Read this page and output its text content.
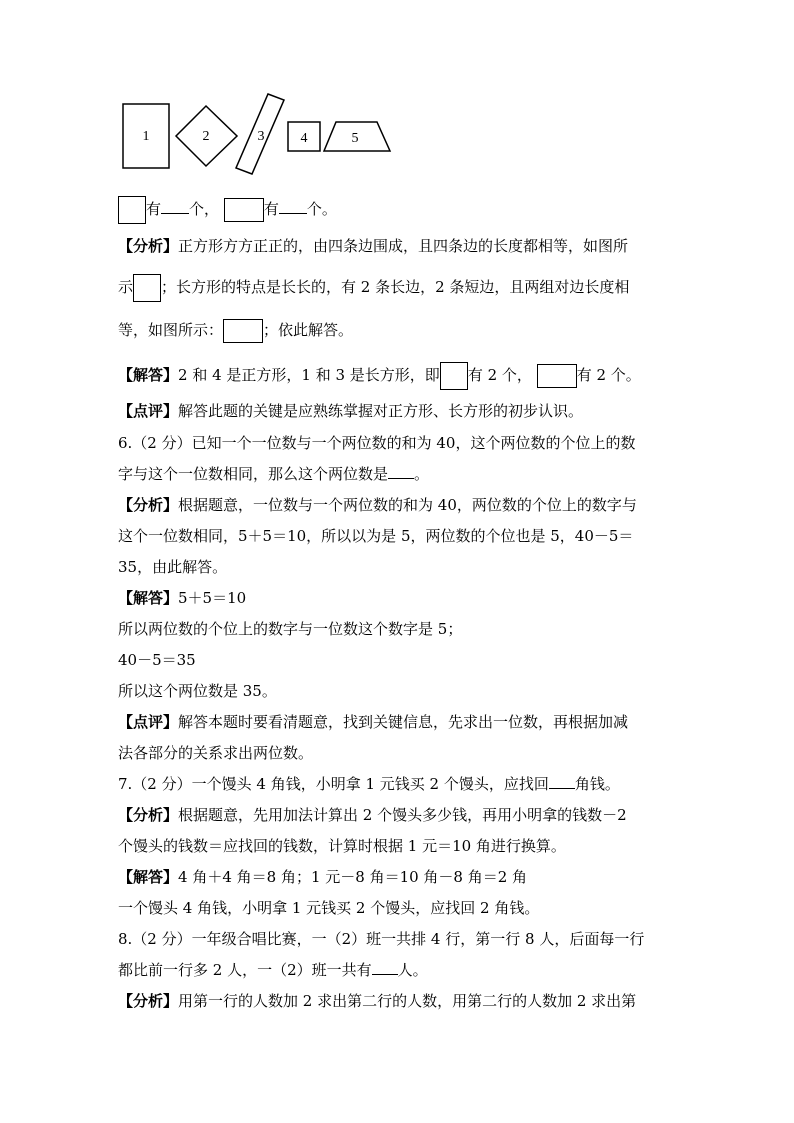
1	2	3	4	5
有 个，	有 个。
【分析】正方形方方正正的，由四条边围成，且四条边的长度都相等，如图所
示 ；长方形的特点是长长的，有 2 条长边，2 条短边，且两组对边长度相
等，如图所示：	；依此解答。
【解答】2 和 4 是正方形，1 和 3 是长方形，即 有 2 个，	有 2 个。
【点评】解答此题的关键是应熟练掌握对正方形、长方形的初步认识。
6.（2 分）已知一个一位数与一个两位数的和为 40，这个两位数的个位上的数
字与这个一位数相同，那么这个两位数是 。
【分析】根据题意，一位数与一个两位数的和为 40，两位数的个位上的数字与
这个一位数相同，5＋5＝10，所以以为是 5，两位数的个位也是 5，40－5＝
35，由此解答。
【解答】5＋5＝10
所以两位数的个位上的数字与一位数这个数字是 5；
40－5＝35
所以这个两位数是 35。
【点评】解答本题时要看清题意，找到关键信息，先求出一位数，再根据加减
法各部分的关系求出两位数。
7.（2 分）一个馒头 4 角钱，小明拿 1 元钱买 2 个馒头，应找回 角钱。
【分析】根据题意，先用加法计算出 2 个馒头多少钱，再用小明拿的钱数－2
个馒头的钱数＝应找回的钱数，计算时根据 1 元＝10 角进行换算。
【解答】4 角＋4 角＝8 角；1 元－8 角＝10 角－8 角＝2 角
一个馒头 4 角钱，小明拿 1 元钱买 2 个馒头，应找回 2 角钱。
8.（2 分）一年级合唱比赛，一（2）班一共排 4 行，第一行 8 人，后面每一行
都比前一行多 2 人，一（2）班一共有 人。
【分析】用第一行的人数加 2 求出第二行的人数，用第二行的人数加 2 求出第
